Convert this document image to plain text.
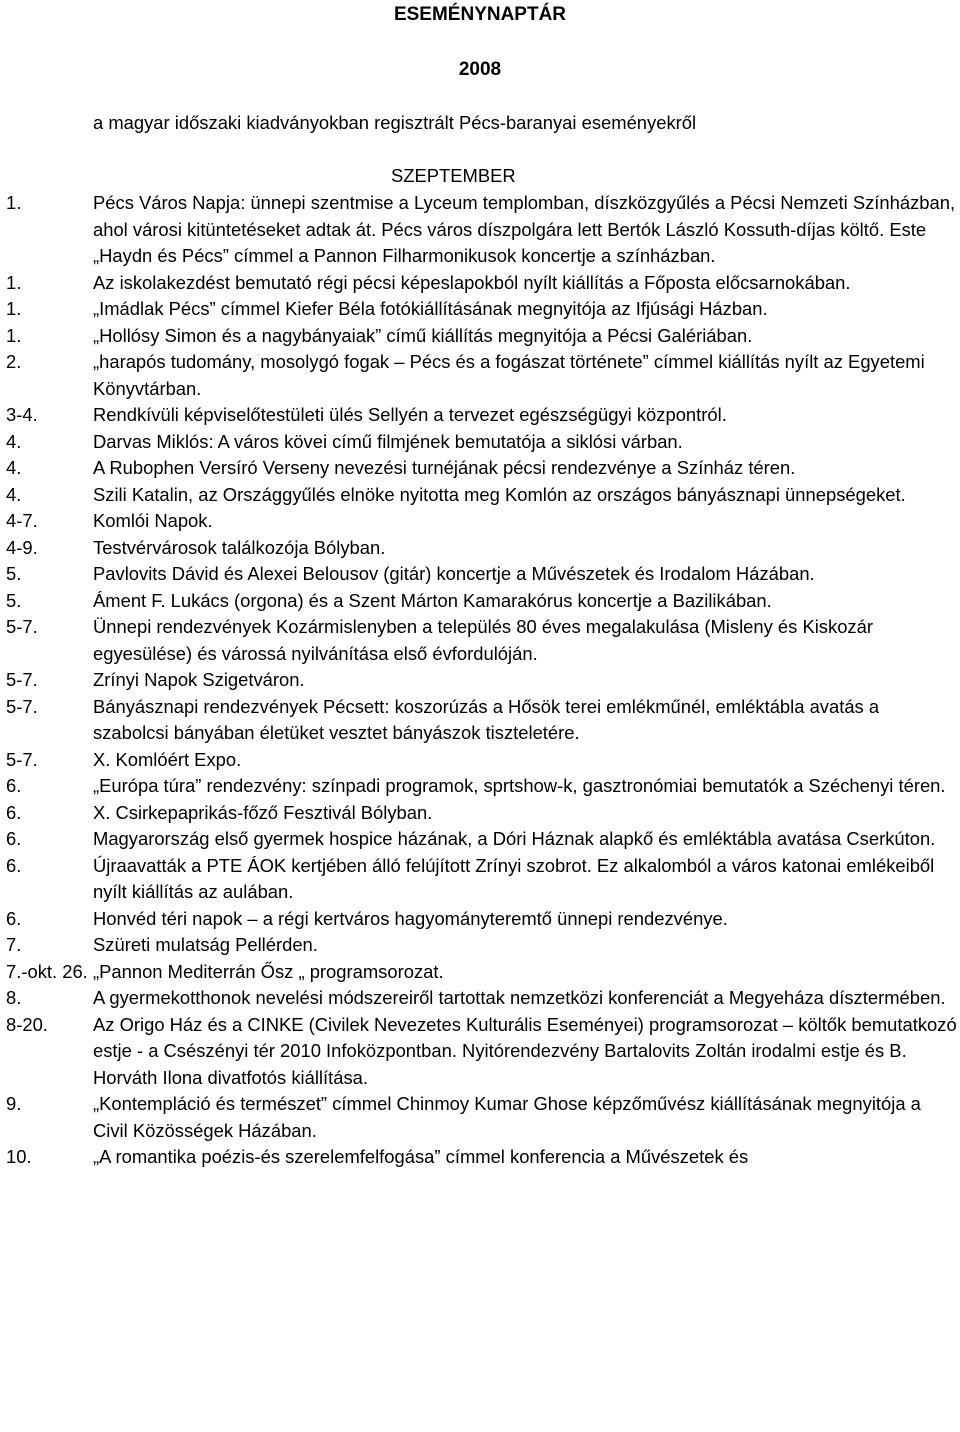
ESEMÉNYNAPTÁR
2008
a magyar időszaki kiadványokban regisztrált Pécs-baranyai eseményekről
SZEPTEMBER
1.	Pécs Város Napja: ünnepi szentmise a Lyceum templomban, díszközgyűlés a Pécsi Nemzeti Színházban, ahol városi kitüntetéseket adtak át. Pécs város díszpolgára lett Bertók László Kossuth-díjas költő. Este „Haydn és Pécs” címmel a Pannon Filharmonikusok koncertje a színházban.
1.	Az iskolakezdést bemutató régi pécsi képeslapokból nyílt kiállítás a Főposta előcsarnokában.
1.	„Imádlak Pécs” címmel Kiefer Béla fotókiállításának megnyitója az Ifjúsági Házban.
1.	„Hollósy Simon és a nagybányaiak” című kiállítás megnyitója a Pécsi Galériában.
2.	„harapós tudomány, mosolygó fogak – Pécs és a fogászat története” címmel kiállítás nyílt az Egyetemi Könyvtárban.
3-4.	Rendkívüli képviselőtestületi ülés Sellyén a tervezet egészségügyi központról.
4.	Darvas Miklós: A város kövei című filmjének bemutatója a siklósi várban.
4.	A Rubophen Versíró Verseny nevezési turnéjának pécsi rendezvénye a Színház téren.
4.	Szili Katalin, az Országgyűlés elnöke nyitotta meg Komlón az országos bányásznapi ünnepségeket.
4-7.	Komlói Napok.
4-9.	Testvérvárosok találkozója Bólyban.
5.	Pavlovits Dávid és Alexei Belousov (gitár) koncertje a Művészetek és Irodalom Házában.
5.	Áment F. Lukács (orgona) és a Szent Márton Kamarakórus koncertje a Bazilikában.
5-7.	Ünnepi rendezvények Kozármislenyben a település 80 éves megalakulása (Misleny és Kiskozár egyesülése) és várossá nyilvánítása első évfordulóján.
5-7.	Zrínyi Napok Szigetváron.
5-7.	Bányásznapi rendezvények Pécsett: koszorúzás a Hősök terei emlékműnél, emléktábla avatás a szabolcsi bányában életüket vesztet bányászok tiszteletére.
5-7.	X. Komlóért Expo.
6.	„Európa túra” rendezvény: színpadi programok, sprtshow-k, gasztronómiai bemutatók a Széchenyi téren.
6.	X. Csirkepaprikás-főző Fesztivál Bólyban.
6.	Magyarország első gyermek hospice házának, a Dóri Háznak alapkő és emléktábla avatása Cserkúton.
6.	Újraavatták a PTE ÁOK kertjében álló felújított Zrínyi szobrot. Ez alkalomból a város katonai emlékeiből nyílt kiállítás az aulában.
6.	Honvéd téri napok – a régi kertváros hagyományteremtő ünnepi rendezvénye.
7.	Szüreti mulatság Pellérden.
7.-okt. 26. „Pannon Mediterrán Ősz „ programsorozat.
8.	A gyermekotthonok nevelési módszereiről tartottak nemzetközi konferenciát a Megyeháza dísztermében.
8-20.	Az Origo Ház és a CINKE (Civilek Nevezetes Kulturális Eseményei) programsorozat – költők bemutatkozó estje - a Csészényi tér 2010 Infoközpontban. Nyitórendezvény Bartalovits Zoltán irodalmi estje és B. Horváth Ilona divatfotós kiállítása.
9.	„Kontempláció és természet” címmel Chinmoy Kumar Ghose képzőművész kiállításának megnyitója a Civil Közösségek Házában.
10.	„A romantika poézis-és szerelemfelfogása” címmel konferencia a Művészetek és
